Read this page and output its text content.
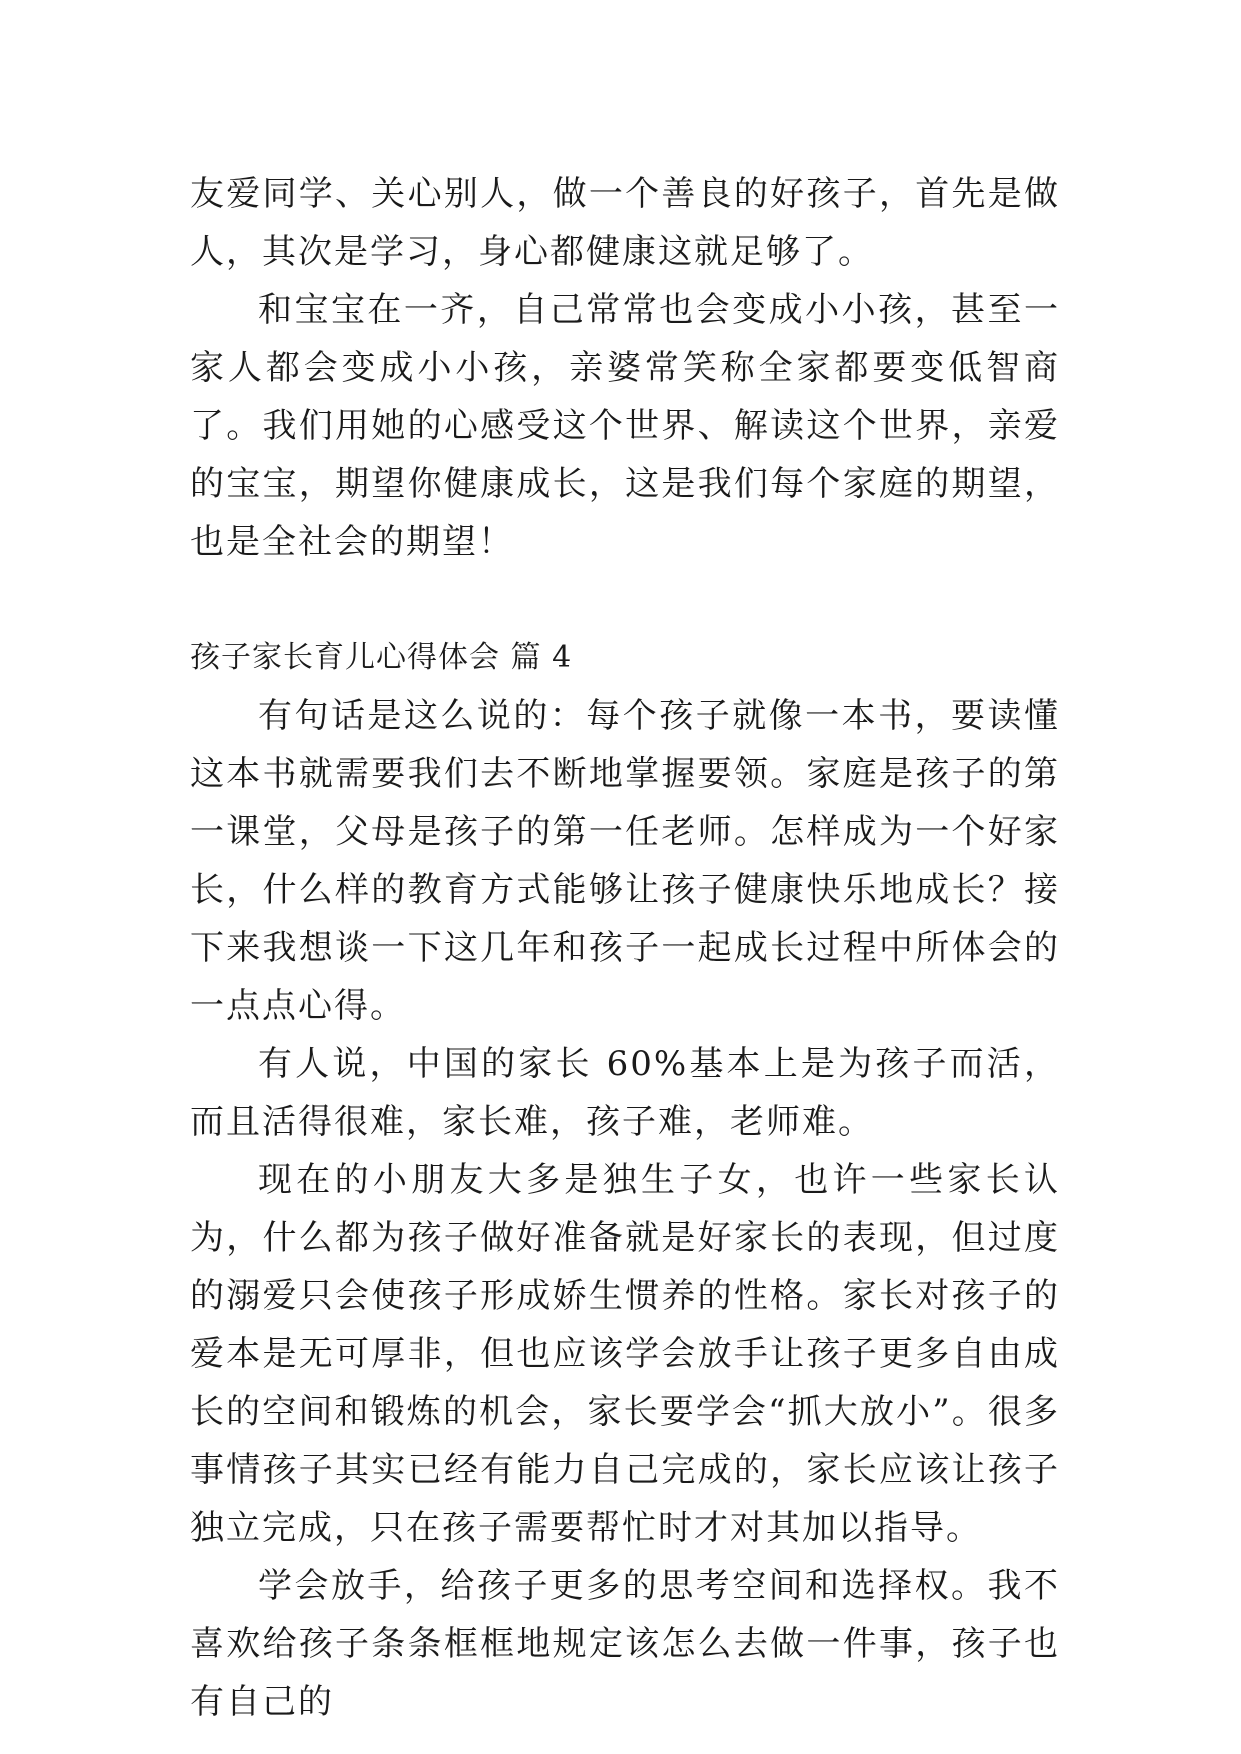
友爱同学、关心别人，做一个善良的好孩子，首先是做人，其次是学习，身心都健康这就足够了。

和宝宝在一齐，自己常常也会变成小小孩，甚至一家人都会变成小小孩，亲婆常笑称全家都要变低智商了。我们用她的心感受这个世界、解读这个世界，亲爱的宝宝，期望你健康成长，这是我们每个家庭的期望，也是全社会的期望！

孩子家长育儿心得体会 篇 4

有句话是这么说的：每个孩子就像一本书，要读懂这本书就需要我们去不断地掌握要领。家庭是孩子的第一课堂，父母是孩子的第一任老师。怎样成为一个好家长，什么样的教育方式能够让孩子健康快乐地成长？接下来我想谈一下这几年和孩子一起成长过程中所体会的一点点心得。

有人说，中国的家长 60%基本上是为孩子而活，而且活得很难，家长难，孩子难，老师难。

现在的小朋友大多是独生子女，也许一些家长认为，什么都为孩子做好准备就是好家长的表现，但过度的溺爱只会使孩子形成娇生惯养的性格。家长对孩子的爱本是无可厚非，但也应该学会放手让孩子更多自由成长的空间和锻炼的机会，家长要学会“抓大放小”。很多事情孩子其实已经有能力自己完成的，家长应该让孩子独立完成，只在孩子需要帮忙时才对其加以指导。

学会放手，给孩子更多的思考空间和选择权。我不喜欢给孩子条条框框地规定该怎么去做一件事，孩子也有自己的
